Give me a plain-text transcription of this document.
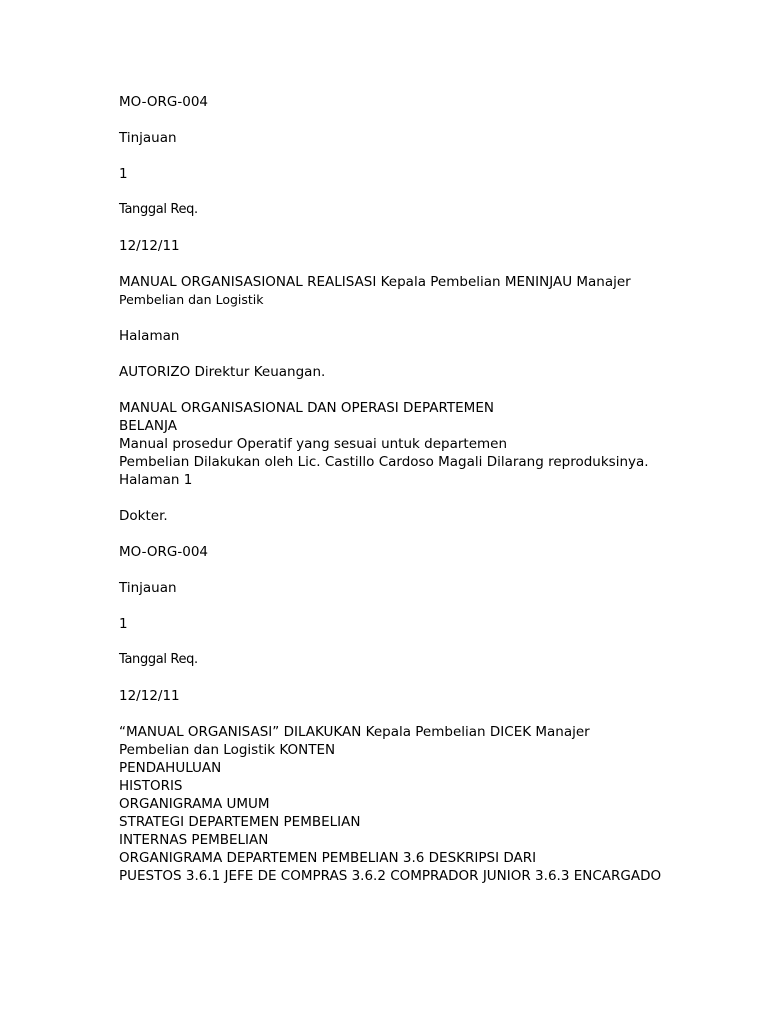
MO-ORG-004

Tinjauan

1

Tanggal Req.

12/12/11

MANUAL ORGANISASIONAL REALISASI Kepala Pembelian MENINJAU Manajer

Pembelian dan Logistik

Halaman

AUTORIZO Direktur Keuangan.

MANUAL ORGANISASIONAL DAN OPERASI DEPARTEMEN

BELANJA

Manual prosedur Operatif yang sesuai untuk departemen

Pembelian Dilakukan oleh Lic. Castillo Cardoso Magali Dilarang reproduksinya.

Halaman 1

Dokter.

MO-ORG-004

Tinjauan

1

Tanggal Req.

12/12/11

“MANUAL ORGANISASI” DILAKUKAN Kepala Pembelian DICEK Manajer

Pembelian dan Logistik KONTEN

PENDAHULUAN

HISTORIS

ORGANIGRAMA UMUM

STRATEGI DEPARTEMEN PEMBELIAN

INTERNAS PEMBELIAN

ORGANIGRAMA DEPARTEMEN PEMBELIAN 3.6 DESKRIPSI DARI

PUESTOS 3.6.1 JEFE DE COMPRAS 3.6.2 COMPRADOR JUNIOR 3.6.3 ENCARGADO
